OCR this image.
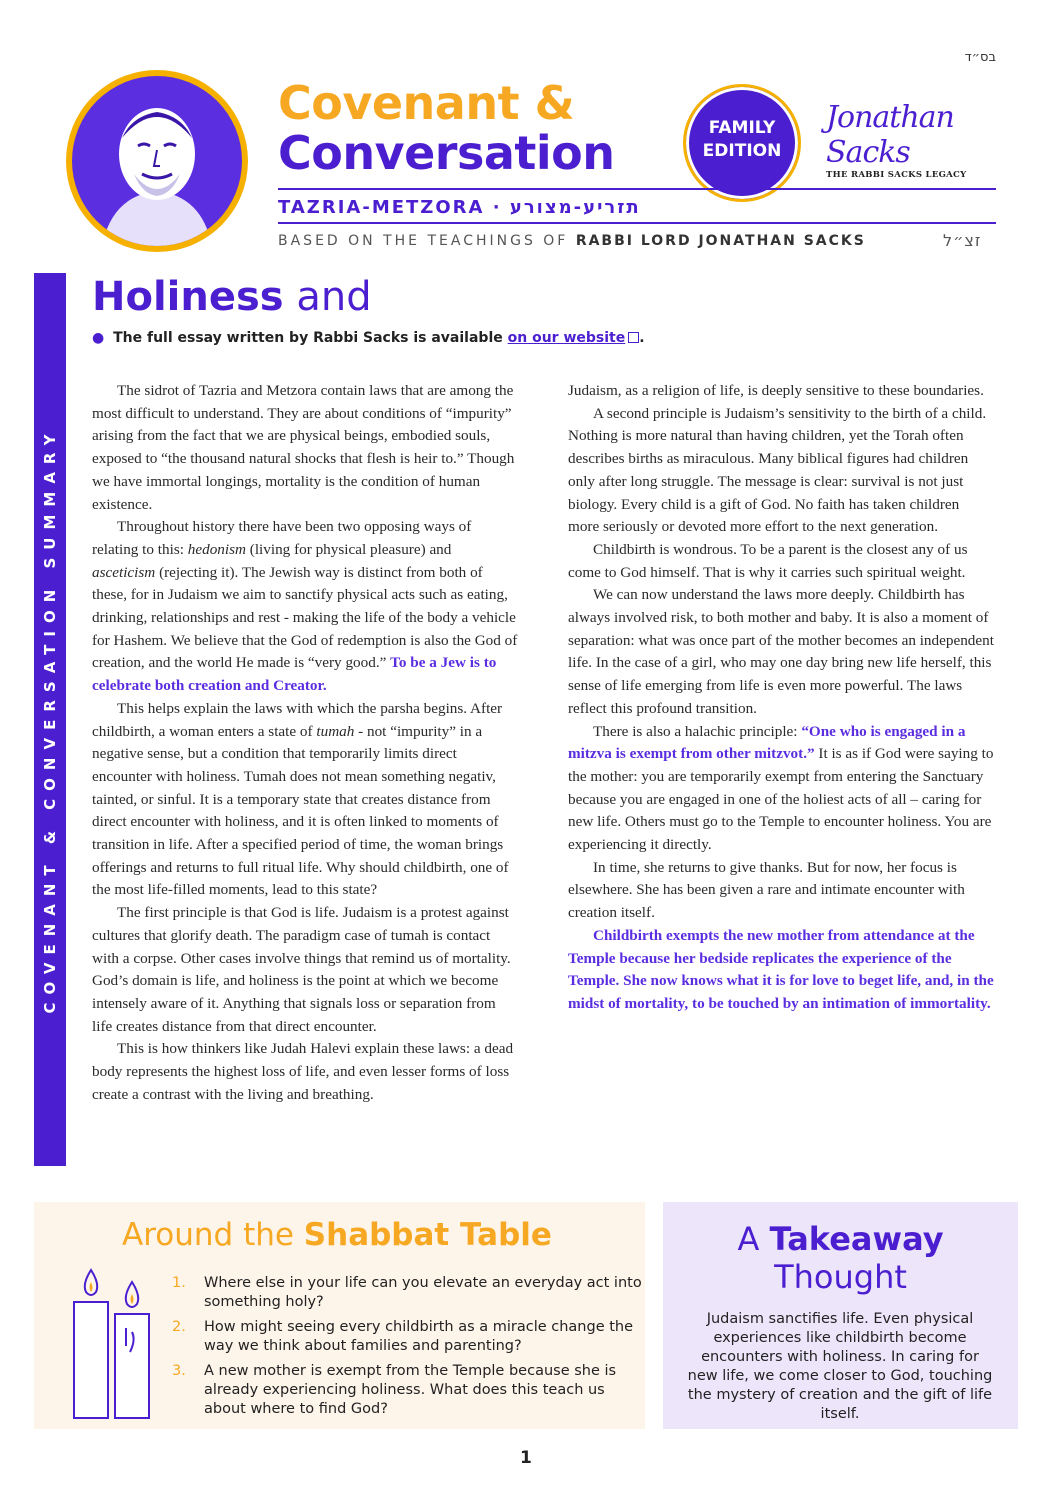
בס״ד
Covenant &
Conversation	FAMILY
EDITION
Jonathan Sacks
THE RABBI SACKS LEGACY
TAZRIA-METZORA · תזריע-מצורע
BASED ON THE TEACHINGS OF RABBI LORD JONATHAN SACKS	זצ״ל
COVENANT & CONVERSATION SUMMARY
Holiness and
● The full essay written by Rabbi Sacks is available on our website .

The sidrot of Tazria and Metzora contain laws that are among the most difficult to understand. They are about conditions of “impurity” arising from the fact that we are physical beings, embodied souls, exposed to “the thousand natural shocks that flesh is heir to.” Though we have immortal longings, mortality is the condition of human existence.

Throughout history there have been two opposing ways of relating to this: hedonism (living for physical pleasure) and asceticism (rejecting it). The Jewish way is distinct from both of these, for in Judaism we aim to sanctify physical acts such as eating, drinking, relationships and rest - making the life of the body a vehicle for Hashem. We believe that the God of redemption is also the God of creation, and the world He made is “very good.” To be a Jew is to celebrate both creation and Creator.

This helps explain the laws with which the parsha begins. After childbirth, a woman enters a state of tumah - not “impurity” in a negative sense, but a condition that temporarily limits direct encounter with holiness. Tumah does not mean something negativ, tainted, or sinful. It is a temporary state that creates distance from direct encounter with holiness, and it is often linked to moments of transition in life. After a specified period of time, the woman brings offerings and returns to full ritual life. Why should childbirth, one of the most life-filled moments, lead to this state?

The first principle is that God is life. Judaism is a protest against cultures that glorify death. The paradigm case of tumah is contact with a corpse. Other cases involve things that remind us of mortality. God’s domain is life, and holiness is the point at which we become intensely aware of it. Anything that signals loss or separation from life creates distance from that direct encounter.

This is how thinkers like Judah Halevi explain these laws: a dead body represents the highest loss of life, and even lesser forms of loss create a contrast with the living and breathing.

Judaism, as a religion of life, is deeply sensitive to these boundaries.

A second principle is Judaism’s sensitivity to the birth of a child. Nothing is more natural than having children, yet the Torah often describes births as miraculous. Many biblical figures had children only after long struggle. The message is clear: survival is not just biology. Every child is a gift of God. No faith has taken children more seriously or devoted more effort to the next generation.

Childbirth is wondrous. To be a parent is the closest any of us come to God himself. That is why it carries such spiritual weight.

We can now understand the laws more deeply. Childbirth has always involved risk, to both mother and baby. It is also a moment of separation: what was once part of the mother becomes an independent life. In the case of a girl, who may one day bring new life herself, this sense of life emerging from life is even more powerful. The laws reflect this profound transition.

There is also a halachic principle: “One who is engaged in a mitzva is exempt from other mitzvot.” It is as if God were saying to the mother: you are temporarily exempt from entering the Sanctuary because you are engaged in one of the holiest acts of all – caring for new life. Others must go to the Temple to encounter holiness. You are experiencing it directly.

In time, she returns to give thanks. But for now, her focus is elsewhere. She has been given a rare and intimate encounter with creation itself.

Childbirth exempts the new mother from attendance at the Temple because her bedside replicates the experience of the Temple. She now knows what it is for love to beget life, and, in the midst of mortality, to be touched by an intimation of immortality.

Around the Shabbat Table
1. Where else in your life can you elevate an everyday act into something holy?
2. How might seeing every childbirth as a miracle change the way we think about families and parenting?
3. A new mother is exempt from the Temple because she is already experiencing holiness. What does this teach us about where to find God?
A Takeaway
Thought
Judaism sanctifies life. Even physical experiences like childbirth become encounters with holiness. In caring for new life, we come closer to God, touching the mystery of creation and the gift of life itself.
1
